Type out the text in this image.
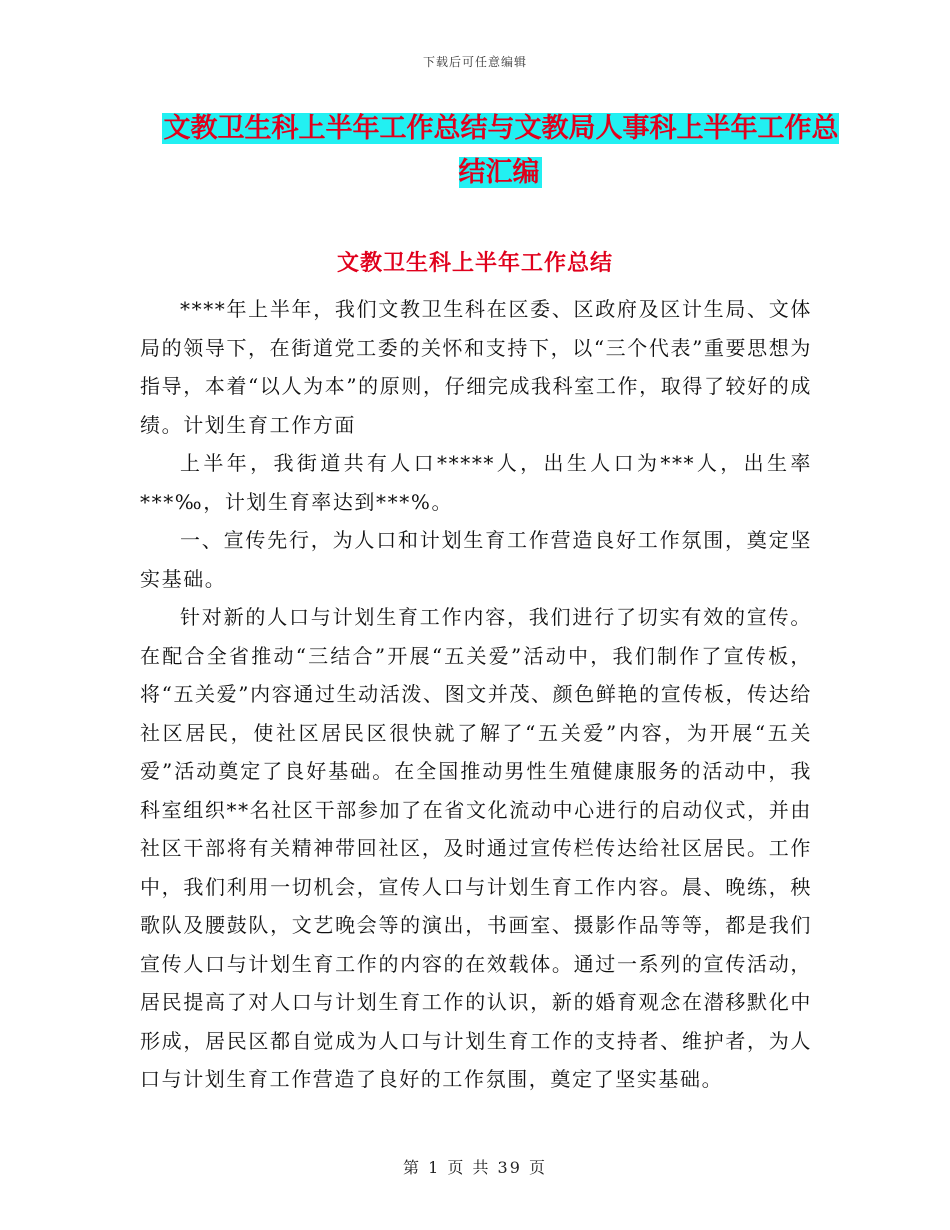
下载后可任意编辑
文教卫生科上半年工作总结与文教局人事科上半年工作总结汇编
文教卫生科上半年工作总结

****年上半年，我们文教卫生科在区委、区政府及区计生局、文体局的领导下，在街道党工委的关怀和支持下，以“三个代表”重要思想为指导，本着“以人为本”的原则，仔细完成我科室工作，取得了较好的成绩。计划生育工作方面

上半年，我街道共有人口*****人，出生人口为***人，出生率***‰，计划生育率达到***%。

一、宣传先行，为人口和计划生育工作营造良好工作氛围，奠定坚实基础。

针对新的人口与计划生育工作内容，我们进行了切实有效的宣传。在配合全省推动“三结合”开展“五关爱”活动中，我们制作了宣传板，将“五关爱”内容通过生动活泼、图文并茂、颜色鲜艳的宣传板，传达给社区居民，使社区居民区很快就了解了“五关爱”内容，为开展“五关爱”活动奠定了良好基础。在全国推动男性生殖健康服务的活动中，我科室组织**名社区干部参加了在省文化流动中心进行的启动仪式，并由社区干部将有关精神带回社区，及时通过宣传栏传达给社区居民。工作中，我们利用一切机会，宣传人口与计划生育工作内容。晨、晚练，秧歌队及腰鼓队，文艺晚会等的演出，书画室、摄影作品等等，都是我们宣传人口与计划生育工作的内容的在效载体。通过一系列的宣传活动，居民提高了对人口与计划生育工作的认识，新的婚育观念在潜移默化中形成，居民区都自觉成为人口与计划生育工作的支持者、维护者，为人口与计划生育工作营造了良好的工作氛围，奠定了坚实基础。

第 1 页 共 39 页
